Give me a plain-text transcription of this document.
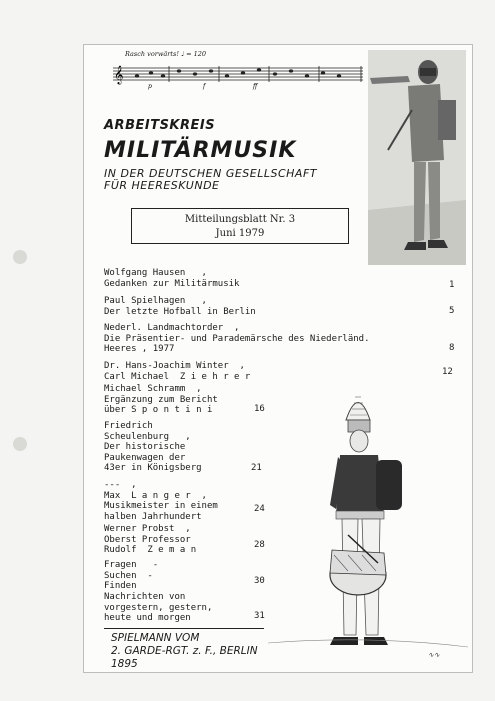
Rasch vorwärts! ♩ = 120
𝄞
p	f	ff
ARBEITSKREIS
MILITÄRMUSIK
IN DER DEUTSCHEN GESELLSCHAFT
FÜR HEERESKUNDE
Mitteilungsblatt Nr. 3
Juni 1979
Wolfgang Hausen   ,
Gedanken zur Militärmusik	1
Paul Spielhagen   ,
Der letzte Hofball in Berlin	5
Nederl. Landmachtorder  ,
Die Präsentier- und Parademärsche des Niederländ.
Heeres , 1977	8
Dr. Hans-Joachim Winter  ,
Carl Michael  Z i e h r e r	12
Michael Schramm  ,
Ergänzung zum Bericht
über S p o n t i n i	16
Friedrich
Scheulenburg   ,
Der historische
Paukenwagen der
43er in Königsberg	21
---  ,
Max  L a n g e r  ,
Musikmeister in einem
halben Jahrhundert
24
Werner Probst  ,
Oberst Professor
Rudolf  Z e m a n	28
Fragen   -
Suchen  -
Finden	30
Nachrichten von
vorgestern, gestern,
heute und morgen	31
∿∿
SPIELMANN VOM
2. GARDE-RGT. z. F., BERLIN
1895
